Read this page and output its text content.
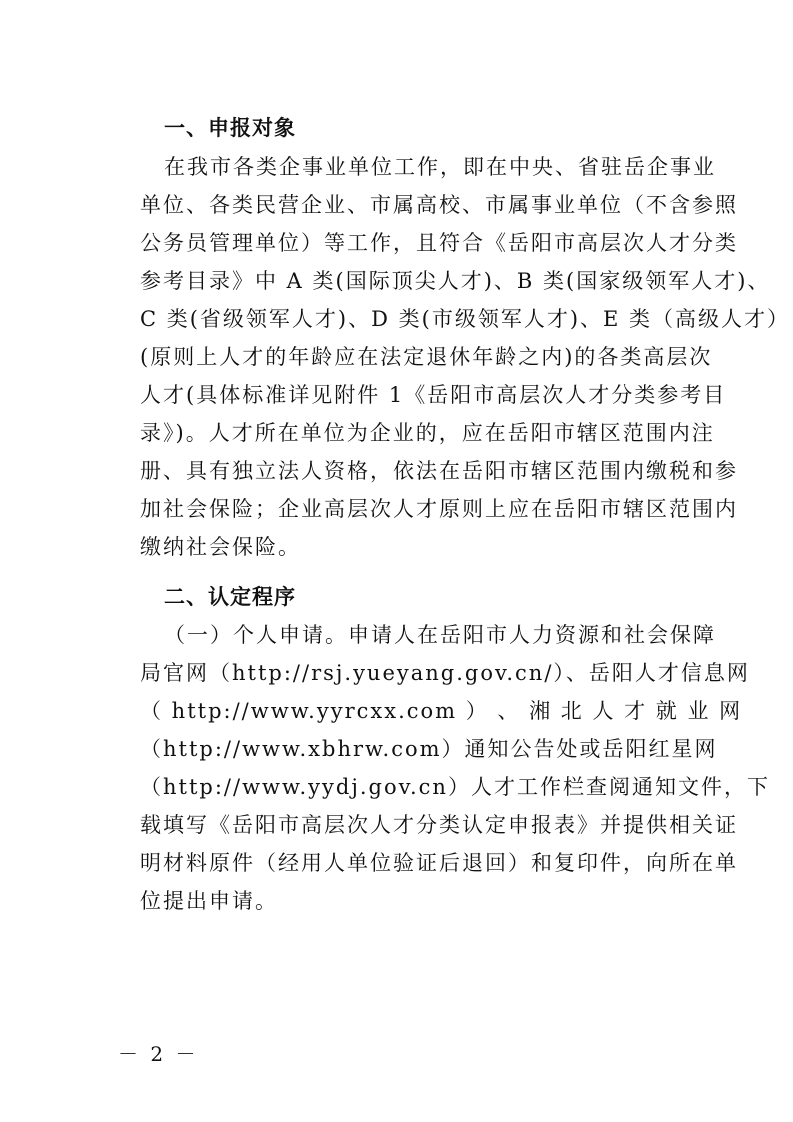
一、申报对象
在我市各类企事业单位工作，即在中央、省驻岳企事业
单位、各类民营企业、市属高校、市属事业单位（不含参照
公务员管理单位）等工作，且符合《岳阳市高层次人才分类
参考目录》中 A 类(国际顶尖人才)、B 类(国家级领军人才)、
C 类(省级领军人才)、D 类(市级领军人才)、E 类（高级人才）
(原则上人才的年龄应在法定退休年龄之内)的各类高层次
人才(具体标准详见附件 1《岳阳市高层次人才分类参考目
录》)。人才所在单位为企业的，应在岳阳市辖区范围内注
册、具有独立法人资格，依法在岳阳市辖区范围内缴税和参
加社会保险；企业高层次人才原则上应在岳阳市辖区范围内
缴纳社会保险。
二、认定程序
（一）个人申请。申请人在岳阳市人力资源和社会保障
局官网（http://rsj.yueyang.gov.cn/）、岳阳人才信息网
（ http://www.yyrcxx.com ） 、 湘 北 人 才 就 业 网
（http://www.xbhrw.com）通知公告处或岳阳红星网
（http://www.yydj.gov.cn）人才工作栏查阅通知文件，下
载填写《岳阳市高层次人才分类认定申报表》并提供相关证
明材料原件（经用人单位验证后退回）和复印件，向所在单
位提出申请。
－ 2 －
